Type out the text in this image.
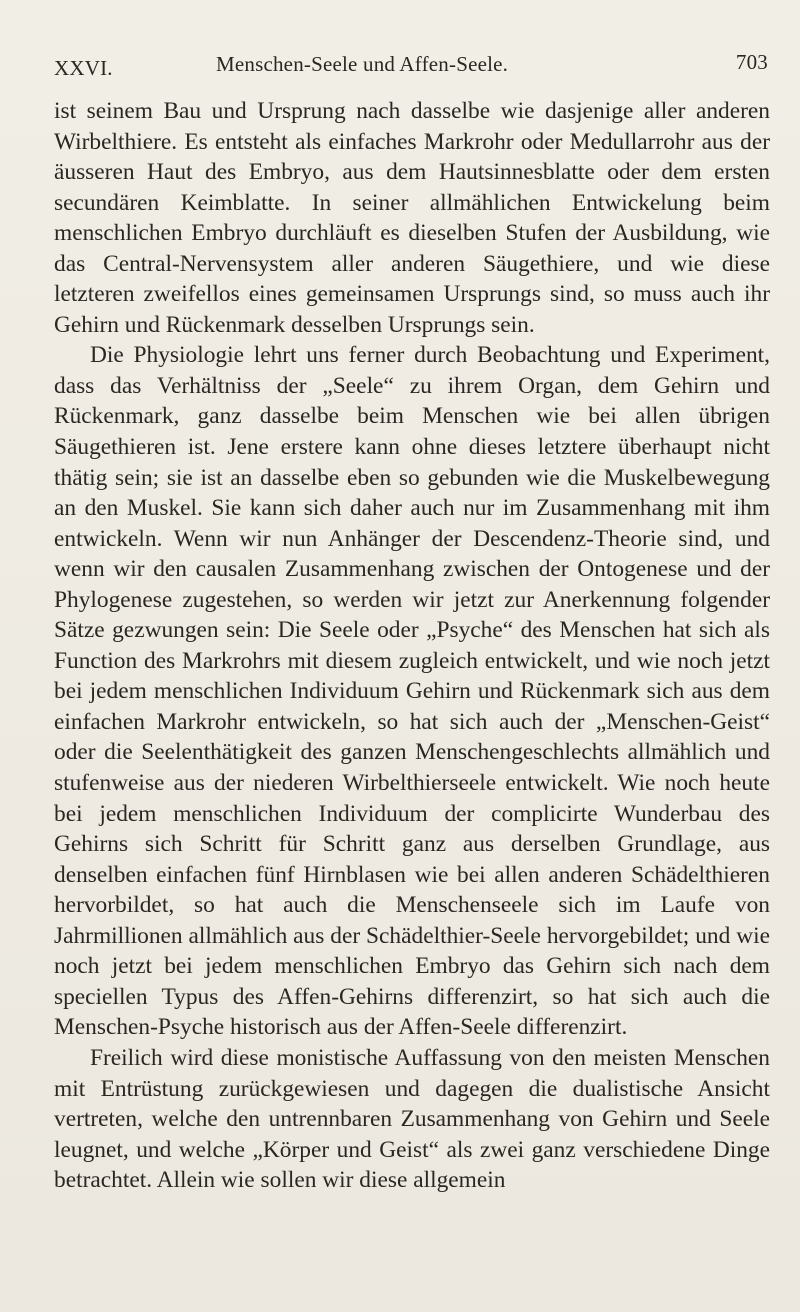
XXVI.	Menschen-Seele und Affen-Seele.	703

ist seinem Bau und Ursprung nach dasselbe wie dasjenige aller anderen Wirbelthiere. Es entsteht als einfaches Markrohr oder Medullarrohr aus der äusseren Haut des Embryo, aus dem Hautsinnesblatte oder dem ersten secundären Keimblatte. In seiner allmählichen Entwickelung beim menschlichen Embryo durchläuft es dieselben Stufen der Ausbildung, wie das Central-Nervensystem aller anderen Säugethiere, und wie diese letzteren zweifellos eines gemeinsamen Ursprungs sind, so muss auch ihr Gehirn und Rückenmark desselben Ursprungs sein.

Die Physiologie lehrt uns ferner durch Beobachtung und Experiment, dass das Verhältniss der „Seele“ zu ihrem Organ, dem Gehirn und Rückenmark, ganz dasselbe beim Menschen wie bei allen übrigen Säugethieren ist. Jene erstere kann ohne dieses letztere überhaupt nicht thätig sein; sie ist an dasselbe eben so gebunden wie die Muskelbewegung an den Muskel. Sie kann sich daher auch nur im Zusammenhang mit ihm entwickeln. Wenn wir nun Anhänger der Descendenz-Theorie sind, und wenn wir den causalen Zusammenhang zwischen der Ontogenese und der Phylogenese zugestehen, so werden wir jetzt zur Anerkennung folgender Sätze gezwungen sein: Die Seele oder „Psyche“ des Menschen hat sich als Function des Markrohrs mit diesem zugleich entwickelt, und wie noch jetzt bei jedem menschlichen Individuum Gehirn und Rückenmark sich aus dem einfachen Markrohr entwickeln, so hat sich auch der „Menschen-Geist“ oder die Seelenthätigkeit des ganzen Menschengeschlechts allmählich und stufenweise aus der niederen Wirbelthierseele entwickelt. Wie noch heute bei jedem menschlichen Individuum der complicirte Wunderbau des Gehirns sich Schritt für Schritt ganz aus derselben Grundlage, aus denselben einfachen fünf Hirnblasen wie bei allen anderen Schädelthieren hervorbildet, so hat auch die Menschenseele sich im Laufe von Jahrmillionen allmählich aus der Schädelthier-Seele hervorgebildet; und wie noch jetzt bei jedem menschlichen Embryo das Gehirn sich nach dem speciellen Typus des Affen-Gehirns differenzirt, so hat sich auch die Menschen-Psyche historisch aus der Affen-Seele differenzirt.

Freilich wird diese monistische Auffassung von den meisten Menschen mit Entrüstung zurückgewiesen und dagegen die dualistische Ansicht vertreten, welche den untrennbaren Zusammenhang von Gehirn und Seele leugnet, und welche „Körper und Geist“ als zwei ganz verschiedene Dinge betrachtet. Allein wie sollen wir diese allgemein
